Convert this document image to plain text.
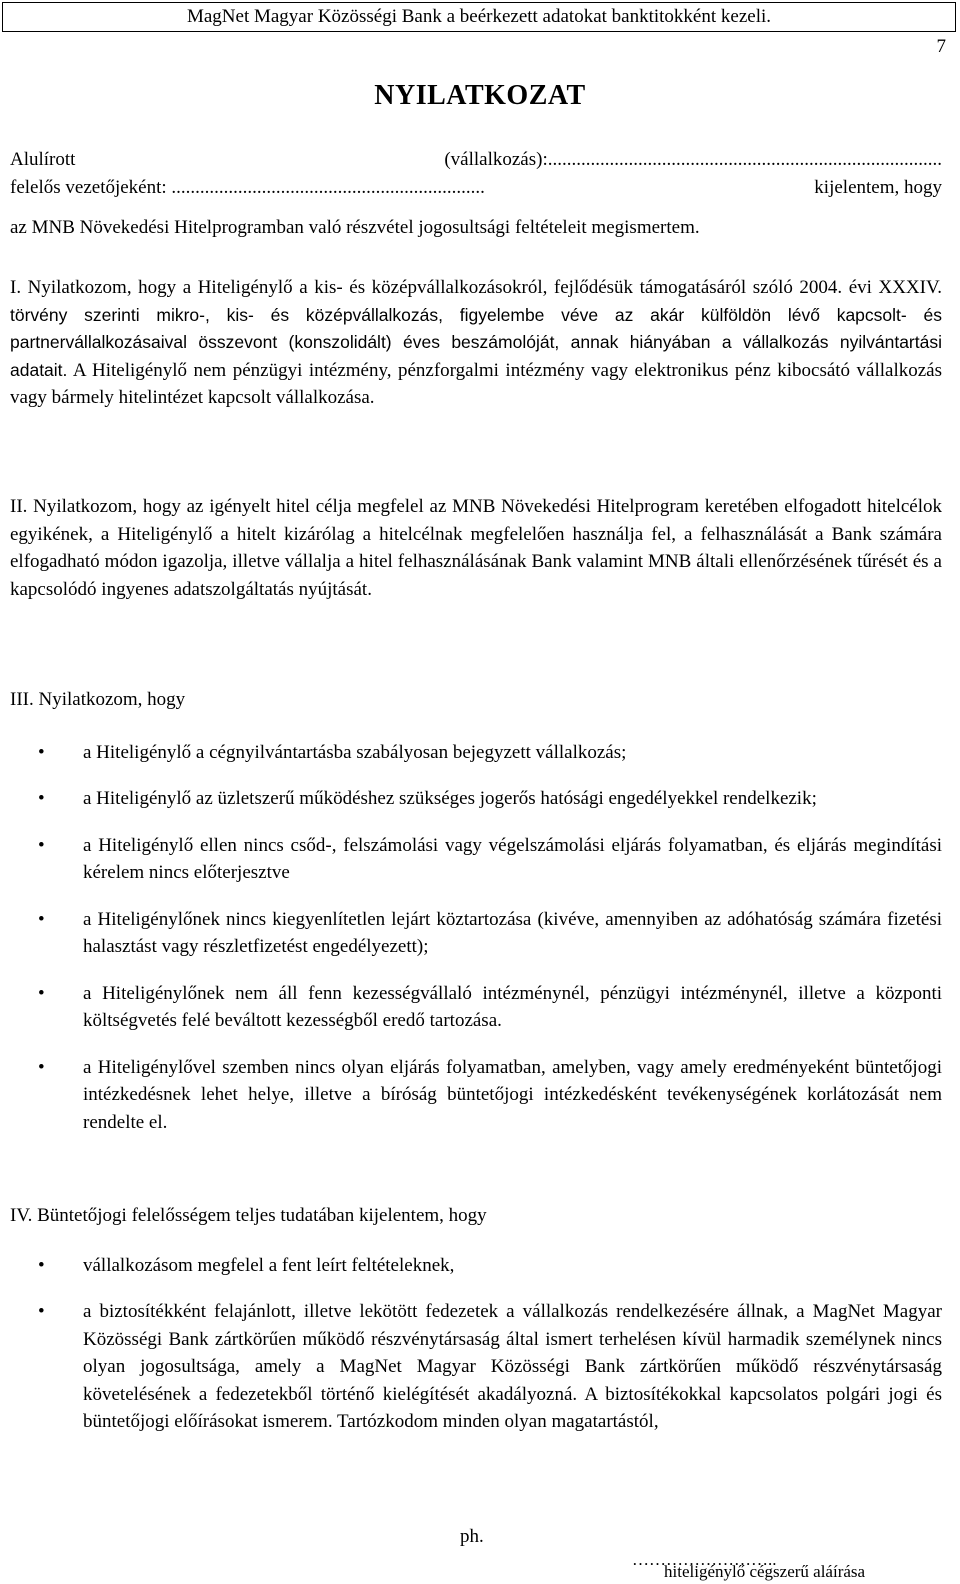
MagNet Magyar Közösségi Bank a beérkezett adatokat banktitokként kezeli.
7
NYILATKOZAT
Alulírott	(vállalkozás):...................................................................................
felelős vezetőjeként: ..................................................................	kijelentem, hogy

az MNB Növekedési Hitelprogramban való részvétel jogosultsági feltételeit megismertem.

I. Nyilatkozom, hogy a Hiteligénylő a kis- és középvállalkozásokról, fejlődésük támogatásáról szóló 2004. évi XXXIV. törvény szerinti mikro-, kis- és középvállalkozás, figyelembe véve az akár külföldön lévő kapcsolt- és partnervállalkozásaival összevont (konszolidált) éves beszámolóját, annak hiányában a vállalkozás nyilvántartási adatait. A Hiteligénylő nem pénzügyi intézmény, pénzforgalmi intézmény vagy elektronikus pénz kibocsátó vállalkozás vagy bármely hitelintézet kapcsolt vállalkozása.

II. Nyilatkozom, hogy az igényelt hitel célja megfelel az MNB Növekedési Hitelprogram keretében elfogadott hitelcélok egyikének, a Hiteligénylő a hitelt kizárólag a hitelcélnak megfelelően használja fel, a felhasználását a Bank számára elfogadható módon igazolja, illetve vállalja a hitel felhasználásának Bank valamint MNB általi ellenőrzésének tűrését és a kapcsolódó ingyenes adatszolgáltatás nyújtását.

III. Nyilatkozom, hogy

• a Hiteligénylő a cégnyilvántartásba szabályosan bejegyzett vállalkozás;
• a Hiteligénylő az üzletszerű működéshez szükséges jogerős hatósági engedélyekkel rendelkezik;
• a Hiteligénylő ellen nincs csőd-, felszámolási vagy végelszámolási eljárás folyamatban, és eljárás megindítási kérelem nincs előterjesztve
• a Hiteligénylőnek nincs kiegyenlítetlen lejárt köztartozása (kivéve, amennyiben az adóhatóság számára fizetési halasztást vagy részletfizetést engedélyezett);
• a Hiteligénylőnek nem áll fenn kezességvállaló intézménynél, pénzügyi intézménynél, illetve a központi költségvetés felé beváltott kezességből eredő tartozása.
• a Hiteligénylővel szemben nincs olyan eljárás folyamatban, amelyben, vagy amely eredményeként büntetőjogi intézkedésnek lehet helye, illetve a bíróság büntetőjogi intézkedésként tevékenységének korlátozását nem rendelte el.

IV. Büntetőjogi felelősségem teljes tudatában kijelentem, hogy

• vállalkozásom megfelel a fent leírt feltételeknek,
• a biztosítékként felajánlott, illetve lekötött fedezetek a vállalkozás rendelkezésére állnak, a MagNet Magyar Közösségi Bank zártkörűen működő részvénytársaság által ismert terhelésen kívül harmadik személynek nincs olyan jogosultsága, amely a MagNet Magyar Közösségi Bank zártkörűen működő részvénytársaság követelésének a fedezetekből történő kielégítését akadályozná. A biztosítékokkal kapcsolatos polgári jogi és büntetőjogi előírásokat ismerem. Tartózkodom minden olyan magatartástól,
ph.
……………………..
hiteligénylő cégszerű aláírása
